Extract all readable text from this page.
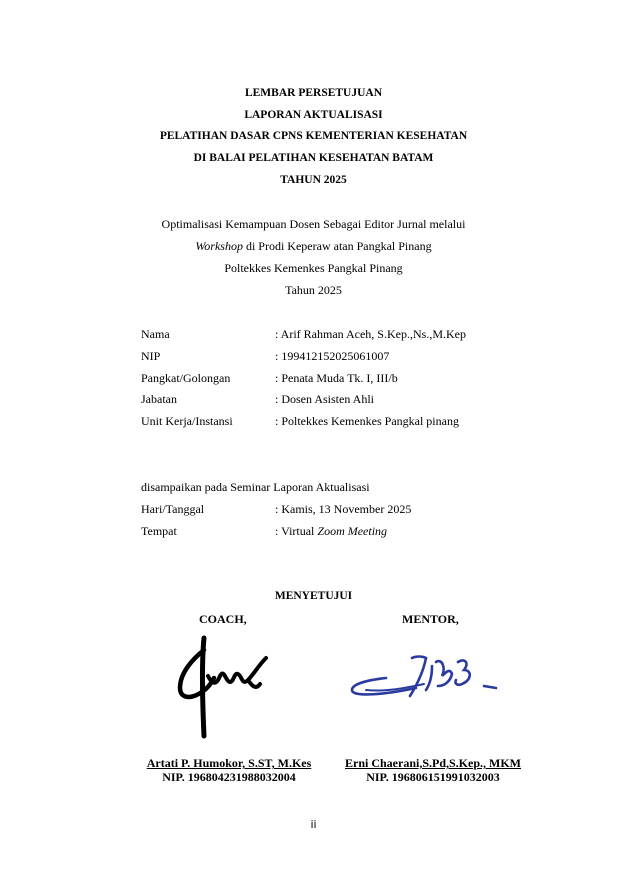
LEMBAR PERSETUJUAN
LAPORAN AKTUALISASI
PELATIHAN DASAR CPNS KEMENTERIAN KESEHATAN
DI BALAI PELATIHAN KESEHATAN BATAM
TAHUN 2025
Optimalisasi Kemampuan Dosen Sebagai Editor Jurnal melalui
Workshop di Prodi Keperaw atan Pangkal Pinang
Poltekkes Kemenkes Pangkal Pinang
Tahun 2025
Nama	: Arif Rahman Aceh, S.Kep.,Ns.,M.Kep
NIP	: 199412152025061007
Pangkat/Golongan	: Penata Muda Tk. I, III/b
Jabatan	: Dosen Asisten Ahli
Unit Kerja/Instansi	: Poltekkes Kemenkes Pangkal pinang
disampaikan pada Seminar Laporan Aktualisasi
Hari/Tanggal	: Kamis, 13 November 2025
Tempat	: Virtual Zoom Meeting
MENYETUJUI
COACH,	MENTOR,
Artati P. Humokor, S.ST, M.Kes
NIP. 196804231988032004
Erni Chaerani,S.Pd,S.Kep., MKM
NIP. 196806151991032003
ii
